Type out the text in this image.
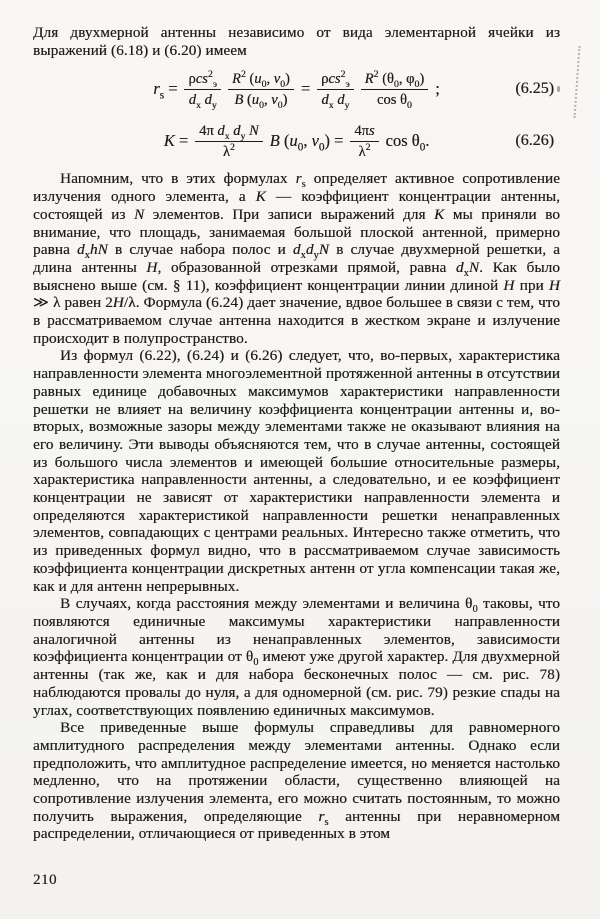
Для двухмерной антенны независимо от вида элементарной ячейки из выражений (6.18) и (6.20) имеем

$r_s = \frac{\rho cs^2_э}{d_x d_y} \frac{R^2 (u_0, v_0)}{B (u_0, v_0)} = \frac{\rho cs^2_э}{d_x d_y} \frac{R^2 (\theta_0, \varphi_0)}{\cos \theta_0}$ ;	(6.25)
$K = \frac{4\pi d_x d_y N}{\lambda^2}$ B ($u_0$, $v_0) = \frac{4\pi s}{\lambda^2}$ $\cos \theta_0$.	(6.26)

Напомним, что в этих формулах $r_s$ определяет активное сопротивление излучения одного элемента, а K — коэффициент концентрации антенны, состоящей из N элементов. При записи выражений для K мы приняли во внимание, что площадь, занимаемая большой плоской антенной, примерно равна $d_xhN$ в случае набора полос и $d_xd_yN$ в случае двухмерной решетки, а длина антенны H, образованной отрезками прямой, равна $d_xN$. Как было выяснено выше (см. § 11), коэффициент концентрации линии длиной H при H ≫ λ равен 2H/λ. Формула (6.24) дает значение, вдвое большее в связи с тем, что в рассматриваемом случае антенна находится в жестком экране и излучение происходит в полупространство.

Из формул (6.22), (6.24) и (6.26) следует, что, во-первых, характеристика направленности элемента многоэлементной протяженной антенны в отсутствии равных единице добавочных максимумов характеристики направленности решетки не влияет на величину коэффициента концентрации антенны и, во-вторых, возможные зазоры между элементами также не оказывают влияния на его величину. Эти выводы объясняются тем, что в случае антенны, состоящей из большого числа элементов и имеющей большие относительные размеры, характеристика направленности антенны, а следовательно, и ее коэффициент концентрации не зависят от характеристики направленности элемента и определяются характеристикой направленности решетки ненаправленных элементов, совпадающих с центрами реальных. Интересно также отметить, что из приведенных формул видно, что в рассматриваемом случае зависимость коэффициента концентрации дискретных антенн от угла компенсации такая же, как и для антенн непрерывных.

В случаях, когда расстояния между элементами и величина $\theta_0$ таковы, что появляются единичные максимумы характеристики направленности аналогичной антенны из ненаправленных элементов, зависимости коэффициента концентрации от $\theta_0$ имеют уже другой характер. Для двухмерной антенны (так же, как и для набора бесконечных полос — см. рис. 78) наблюдаются провалы до нуля, а для одномерной (см. рис. 79) резкие спады на углах, соответствующих появлению единичных максимумов.

Все приведенные выше формулы справедливы для равномерного амплитудного распределения между элементами антенны. Однако если предположить, что амплитудное распределение имеется, но меняется настолько медленно, что на протяжении области, существенно влияющей на сопротивление излучения элемента, его можно считать постоянным, то можно получить выражения, определяющие $r_s$ антенны при неравномерном распределении, отличающиеся от приведенных в этом

210
